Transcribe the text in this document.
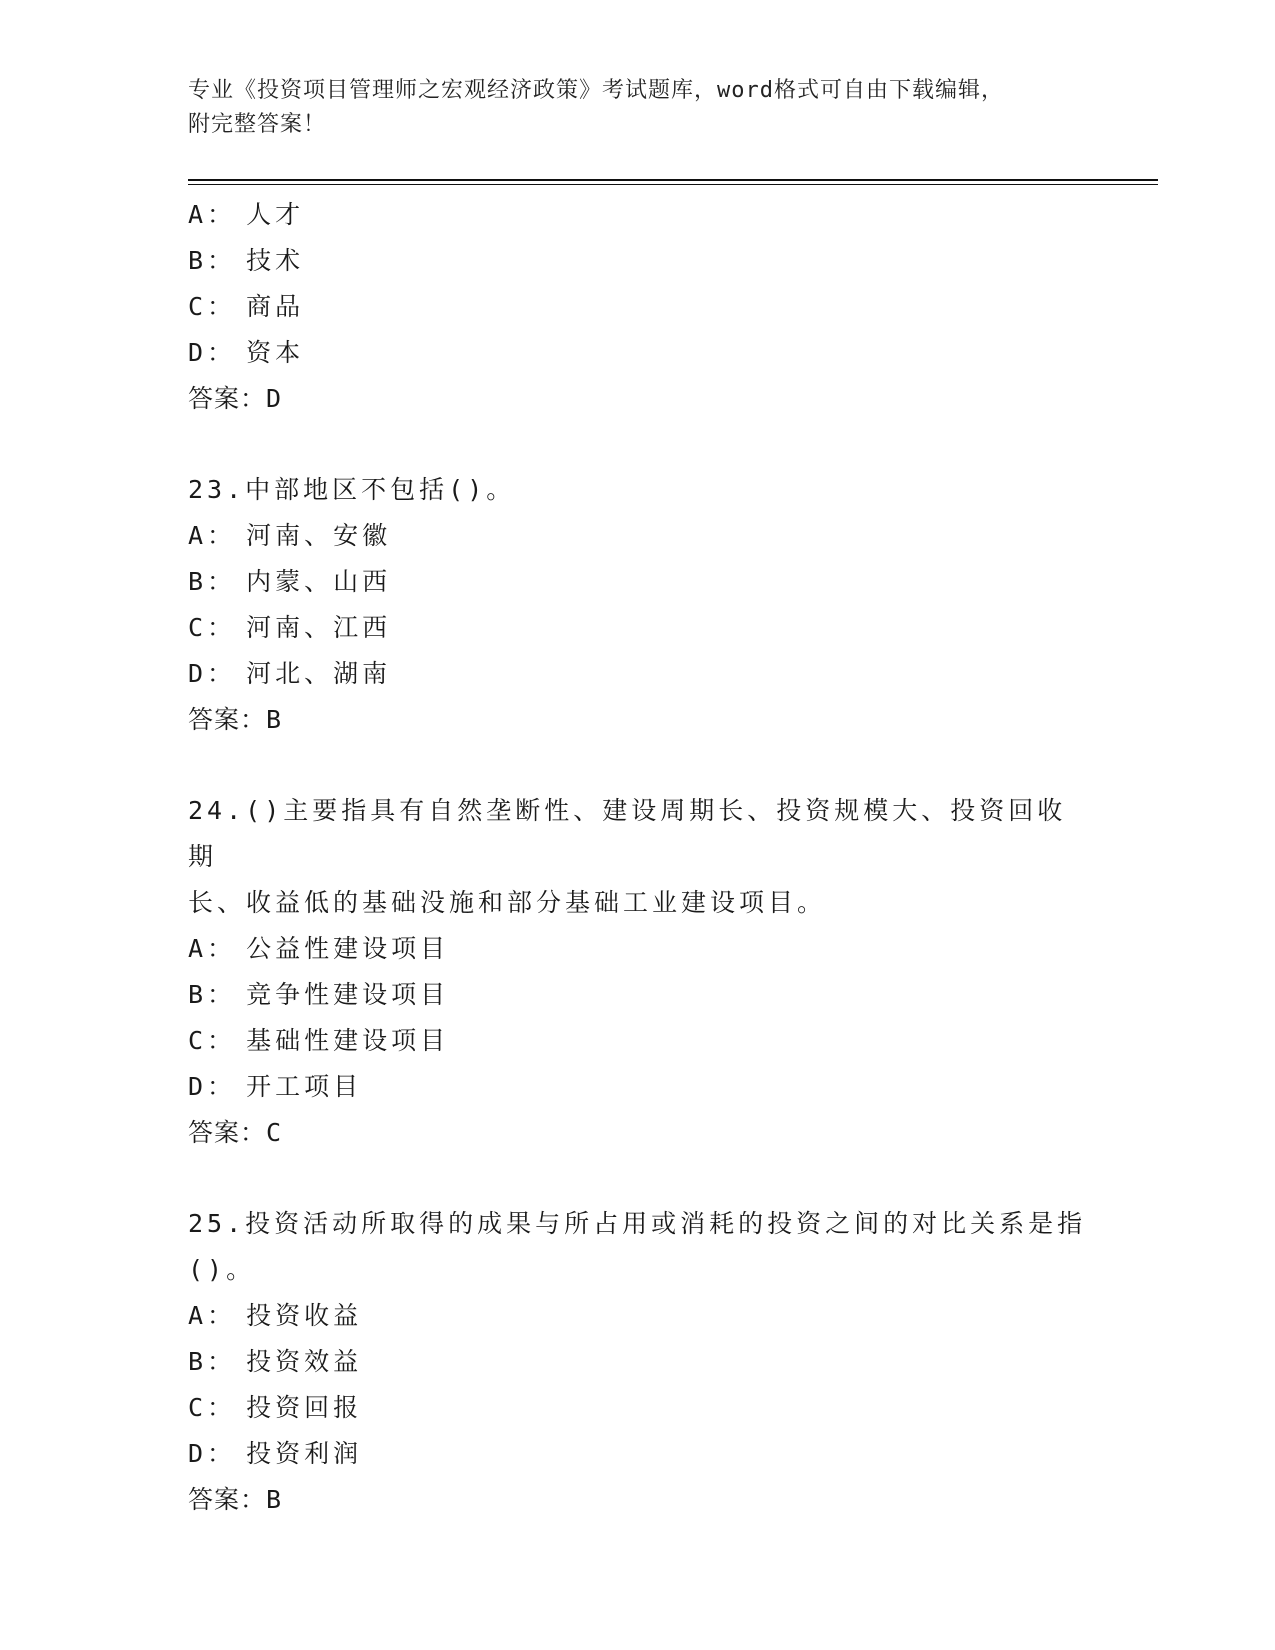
专业《投资项目管理师之宏观经济政策》考试题库，word格式可自由下载编辑，
附完整答案！
A： 人才
B： 技术
C： 商品
D： 资本
答案：D
23.中部地区不包括()。
A： 河南、安徽
B： 内蒙、山西
C： 河南、江西
D： 河北、湖南
答案：B
24.()主要指具有自然垄断性、建设周期长、投资规模大、投资回收期
长、收益低的基础没施和部分基础工业建设项目。
A： 公益性建设项目
B： 竞争性建设项目
C： 基础性建设项目
D： 开工项目
答案：C
25.投资活动所取得的成果与所占用或消耗的投资之间的对比关系是指
()。
A： 投资收益
B： 投资效益
C： 投资回报
D： 投资利润
答案：B
